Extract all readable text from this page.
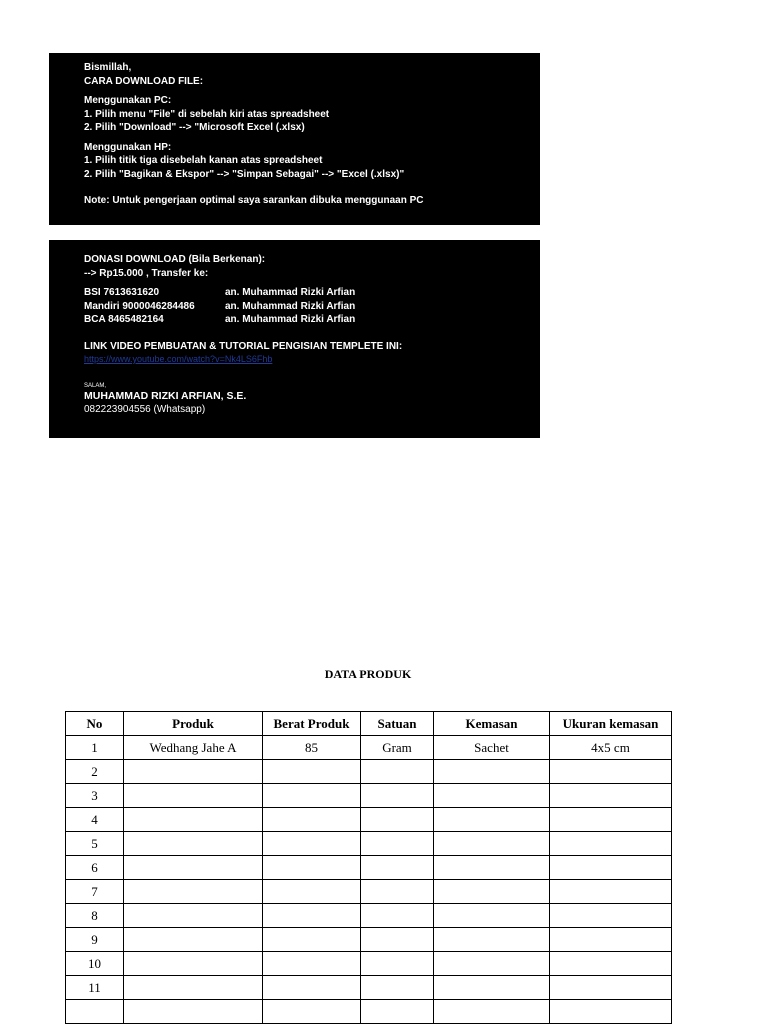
Bismillah,
CARA DOWNLOAD FILE:
Menggunakan PC:
1. Pilih menu "File" di sebelah kiri atas spreadsheet
2. Pilih "Download" --> "Microsoft Excel (.xlsx)
Menggunakan HP:
1. Pilih titik tiga disebelah kanan atas spreadsheet
2. Pilih "Bagikan & Ekspor" --> "Simpan Sebagai" --> "Excel (.xlsx)"
Note: Untuk pengerjaan optimal saya sarankan dibuka menggunaan PC
DONASI DOWNLOAD (Bila Berkenan):
--> Rp15.000 , Transfer ke:
BSI 7613631620	an. Muhammad Rizki Arfian
Mandiri 9000046284486	an. Muhammad Rizki Arfian
BCA 8465482164	an. Muhammad Rizki Arfian
LINK VIDEO PEMBUATAN & TUTORIAL PENGISIAN TEMPLETE INI:
https://www.youtube.com/watch?v=Nk4LS6Fhb
SALAM,
MUHAMMAD RIZKI ARFIAN, S.E.
082223904556 (Whatsapp)
DATA PRODUK
No	Produk	Berat Produk	Satuan	Kemasan	Ukuran kemasan
1	Wedhang Jahe A	85	Gram	Sachet	4x5 cm
2					
3					
4					
5					
6					
7					
8					
9					
10					
11					
